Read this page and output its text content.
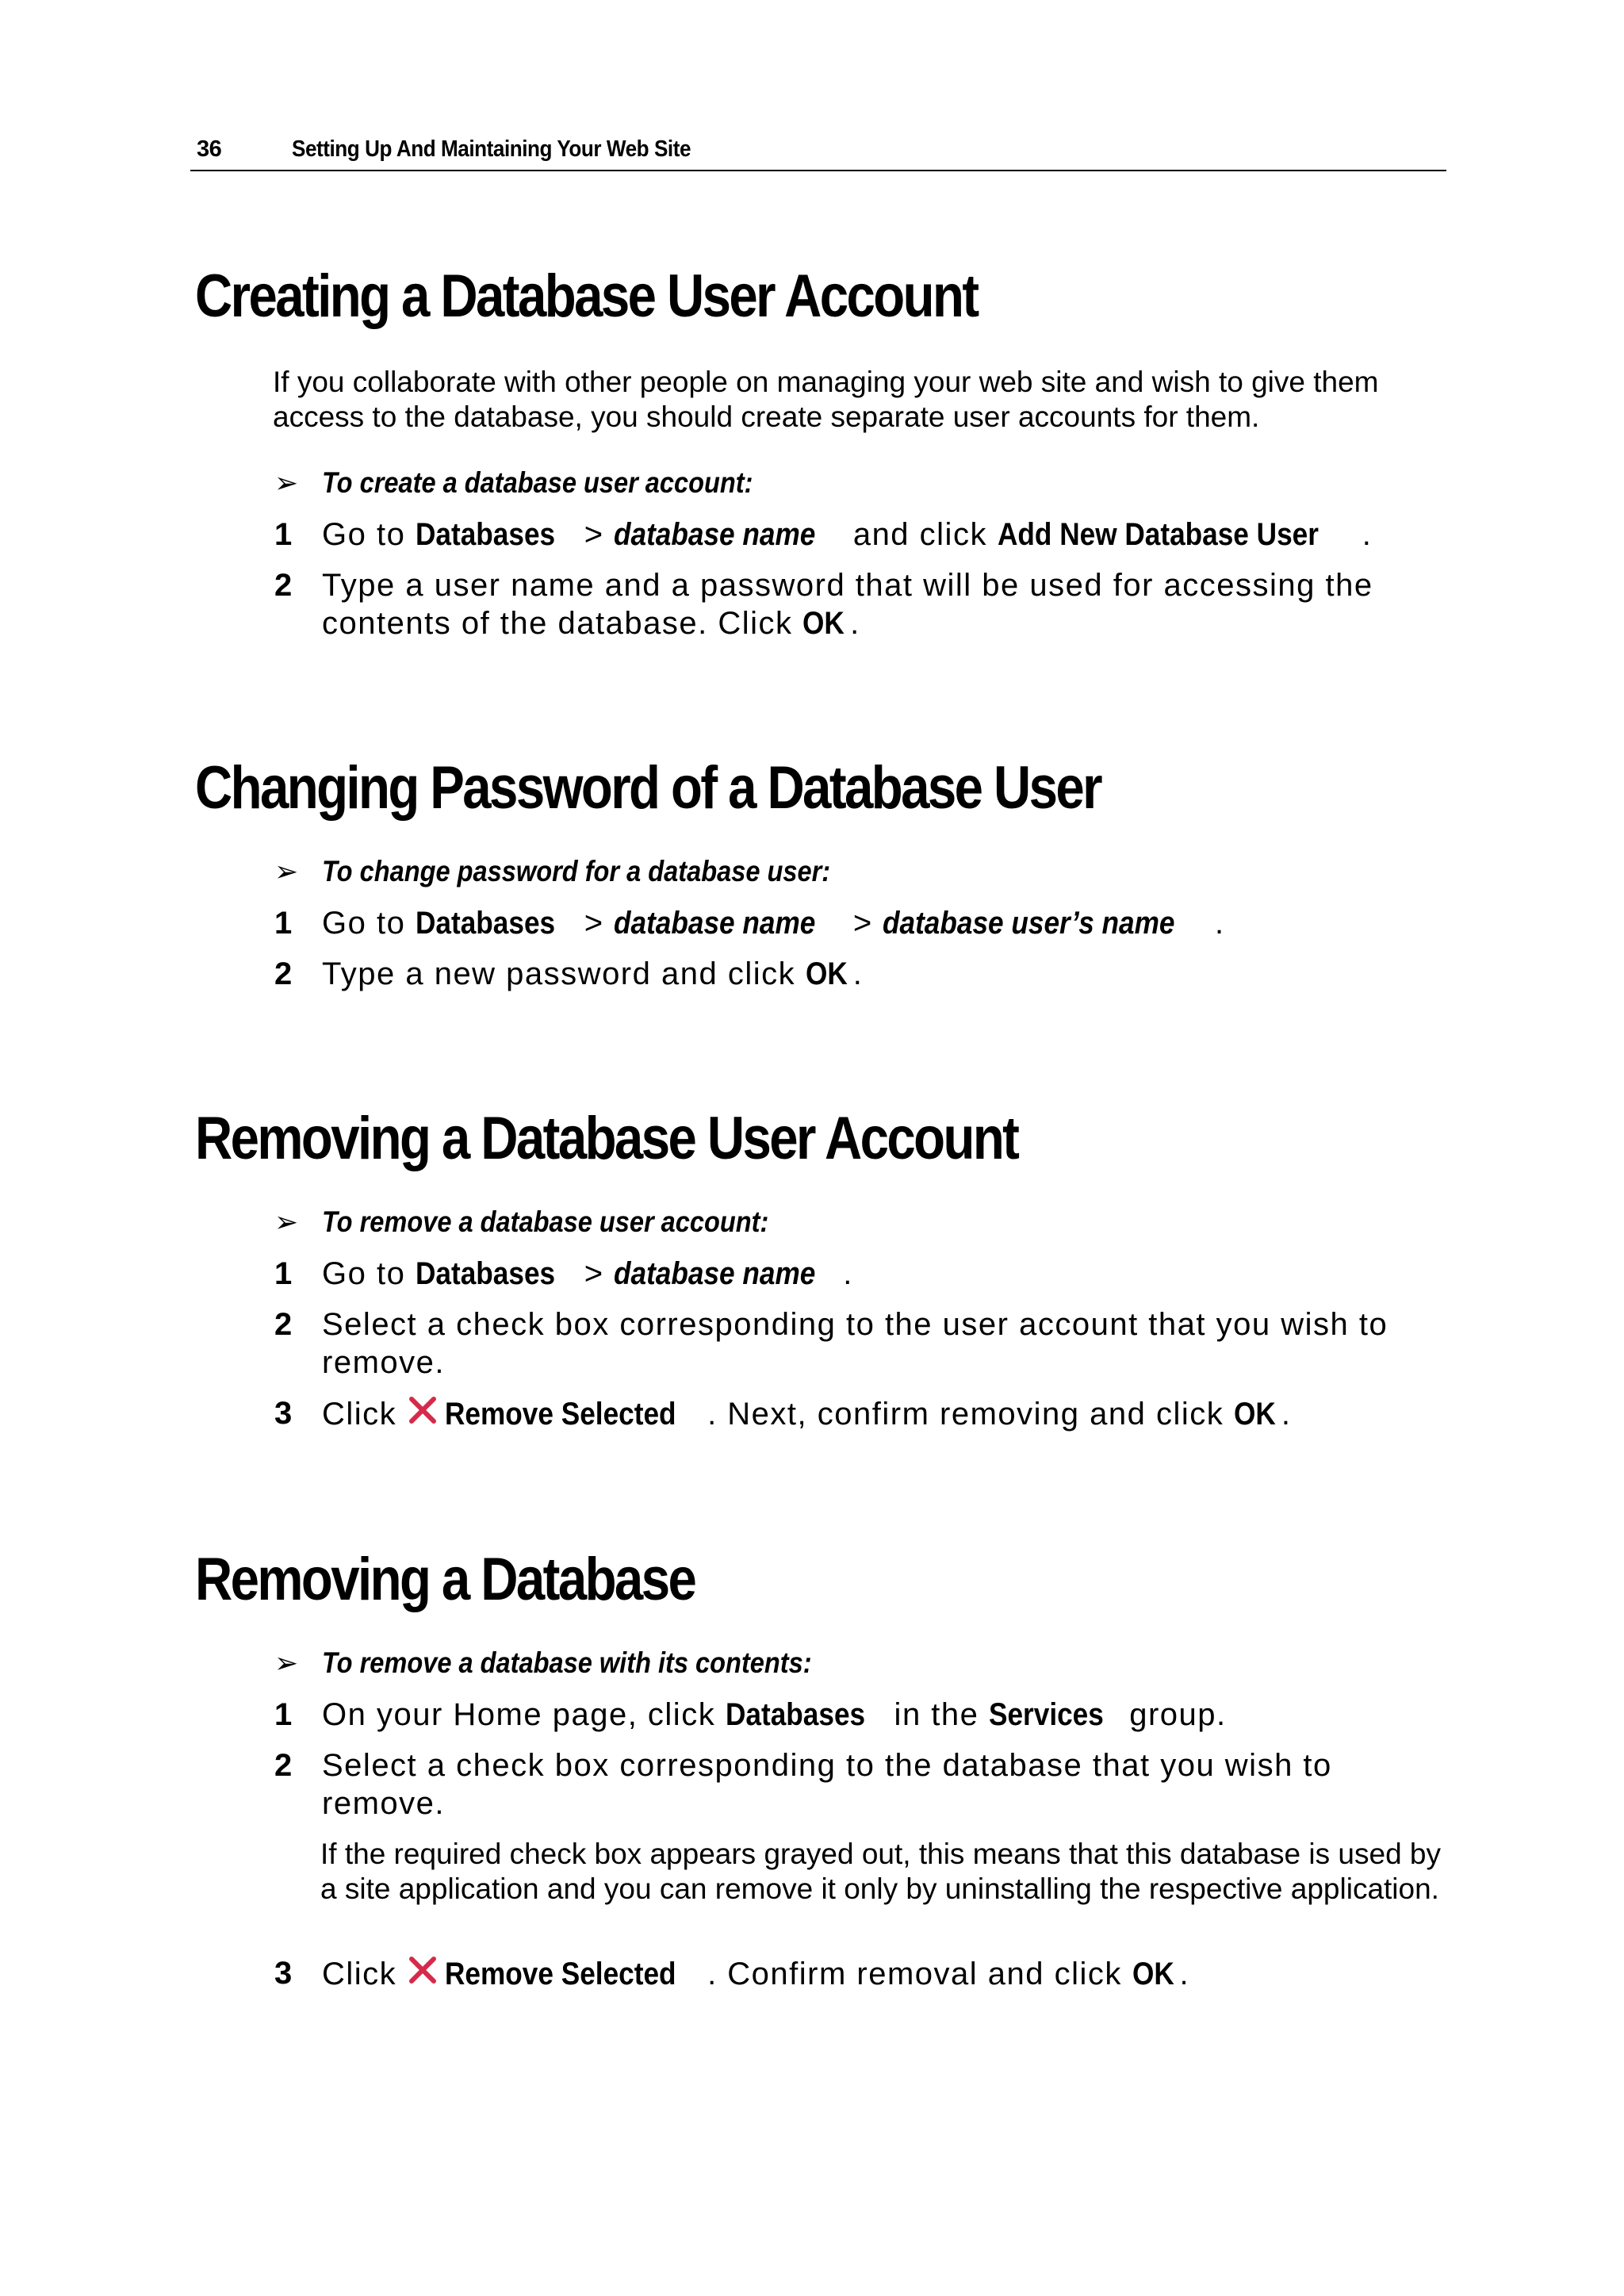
36	Setting Up And Maintaining Your Web Site
Creating a Database User Account
If you collaborate with other people on managing your web site and wish to give them access to the database, you should create separate user accounts for them.
➢ To create a database user account:
1 Go to Databases > database name and click Add New Database User .
2 Type a user name and a password that will be used for accessing the contents of the database. Click OK .
Changing Password of a Database User
➢ To change password for a database user:
1 Go to Databases > database name > database user’s name .
2 Type a new password and click OK .
Removing a Database User Account
➢ To remove a database user account:
1 Go to Databases > database name .
2 Select a check box corresponding to the user account that you wish to remove.
3 Click Remove Selected . Next, confirm removing and click OK .
Removing a Database
➢ To remove a database with its contents:
1 On your Home page, click Databases in the Services group.
2 Select a check box corresponding to the database that you wish to remove.
If the required check box appears grayed out, this means that this database is used by a site application and you can remove it only by uninstalling the respective application.
3 Click Remove Selected . Confirm removal and click OK .
